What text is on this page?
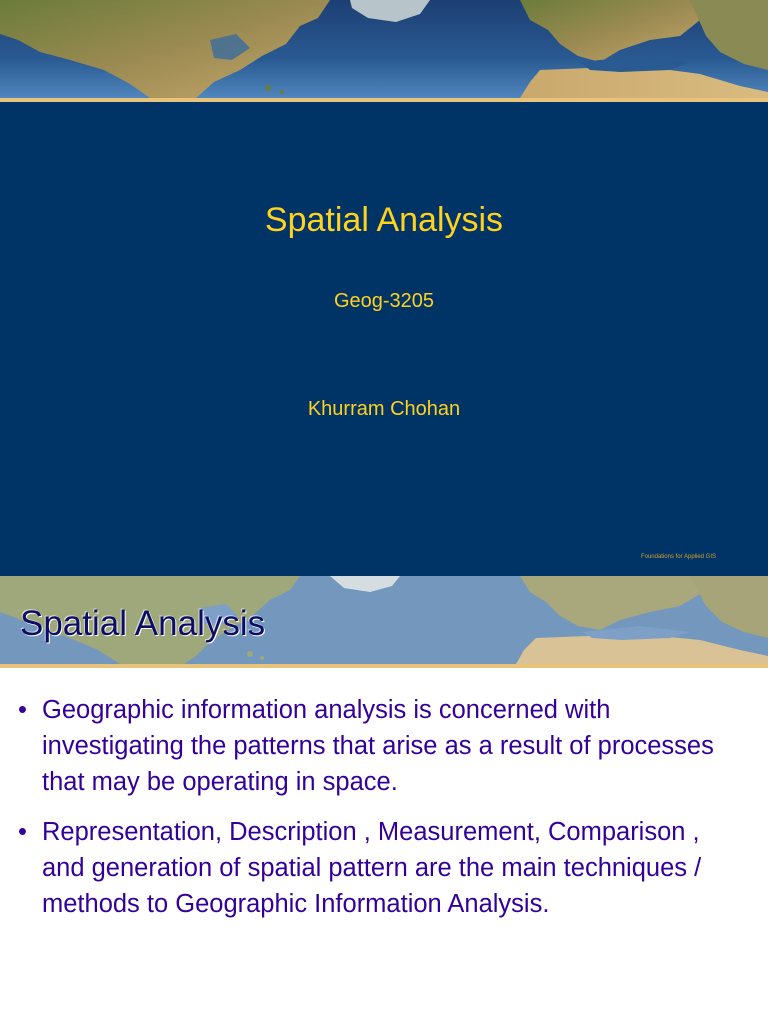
Spatial Analysis
Geog-3205
Khurram Chohan
Foundations for Applied GIS
Spatial Analysis
• Geographic information analysis is concerned with investigating the patterns that arise as a result of processes that may be operating in space.
• Representation, Description , Measurement, Comparison , and generation of spatial pattern are the main techniques / methods to Geographic Information Analysis.
